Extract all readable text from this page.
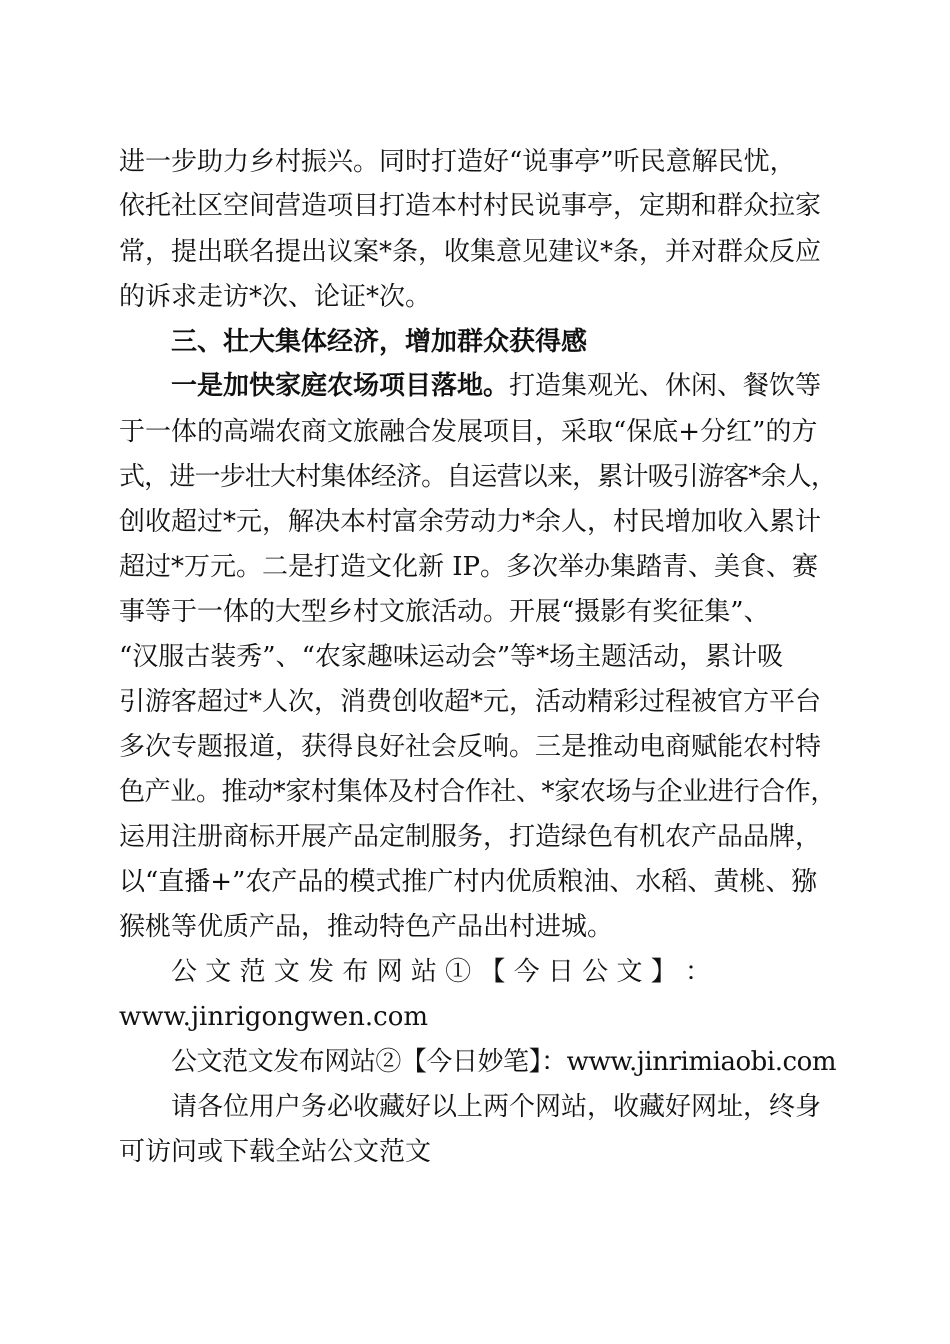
进一步助力乡村振兴。同时打造好“说事亭”听民意解民忧，
依托社区空间营造项目打造本村村民说事亭，定期和群众拉家
常，提出联名提出议案*条，收集意见建议*条，并对群众反应
的诉求走访*次、论证*次。
三、壮大集体经济，增加群众获得感
一是加快家庭农场项目落地。打造集观光、休闲、餐饮等
于一体的高端农商文旅融合发展项目，采取“保底+分红”的方
式，进一步壮大村集体经济。自运营以来，累计吸引游客*余人，
创收超过*元，解决本村富余劳动力*余人，村民增加收入累计
超过*万元。二是打造文化新 IP。多次举办集踏青、美食、赛
事等于一体的大型乡村文旅活动。开展“摄影有奖征集”、
“汉服古装秀”、“农家趣味运动会”等*场主题活动，累计吸
引游客超过*人次，消费创收超*元，活动精彩过程被官方平台
多次专题报道，获得良好社会反响。三是推动电商赋能农村特
色产业。推动*家村集体及村合作社、*家农场与企业进行合作，
运用注册商标开展产品定制服务，打造绿色有机农产品品牌，
以“直播+”农产品的模式推广村内优质粮油、水稻、黄桃、猕
猴桃等优质产品，推动特色产品出村进城。
公 文 范 文 发 布 网 站 ① 【 今 日 公 文 】 ：
www.jinrigongwen.com
公文范文发布网站②【今日妙笔】：www.jinrimiaobi.com
请各位用户务必收藏好以上两个网站，收藏好网址，终身
可访问或下载全站公文范文
